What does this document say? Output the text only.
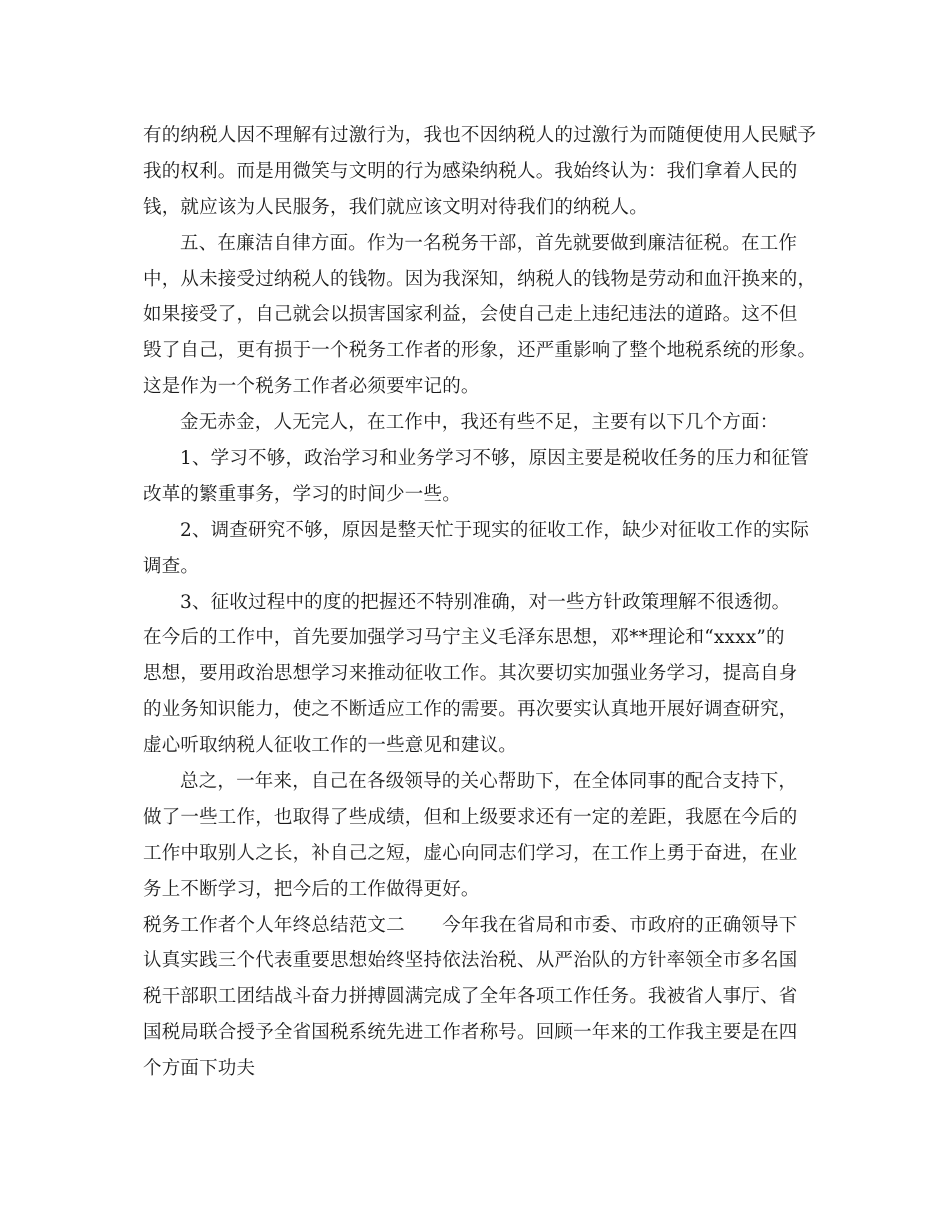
有的纳税人因不理解有过激行为，我也不因纳税人的过激行为而随便使用人民赋予
我的权利。而是用微笑与文明的行为感染纳税人。我始终认为：我们拿着人民的
钱，就应该为人民服务，我们就应该文明对待我们的纳税人。
五、在廉洁自律方面。作为一名税务干部，首先就要做到廉洁征税。在工作
中，从未接受过纳税人的钱物。因为我深知，纳税人的钱物是劳动和血汗换来的，
如果接受了，自己就会以损害国家利益，会使自己走上违纪违法的道路。这不但
毁了自己，更有损于一个税务工作者的形象，还严重影响了整个地税系统的形象。
这是作为一个税务工作者必须要牢记的。
金无赤金，人无完人，在工作中，我还有些不足，主要有以下几个方面：
1、学习不够，政治学习和业务学习不够，原因主要是税收任务的压力和征管
改革的繁重事务，学习的时间少一些。
2、调查研究不够，原因是整天忙于现实的征收工作，缺少对征收工作的实际
调查。
3、征收过程中的度的把握还不特别准确，对一些方针政策理解不很透彻。
在今后的工作中，首先要加强学习马宁主义毛泽东思想，邓**理论和“xxxx”的
思想，要用政治思想学习来推动征收工作。其次要切实加强业务学习，提高自身
的业务知识能力，使之不断适应工作的需要。再次要实认真地开展好调查研究，
虚心听取纳税人征收工作的一些意见和建议。
总之，一年来，自己在各级领导的关心帮助下，在全体同事的配合支持下，
做了一些工作，也取得了些成绩，但和上级要求还有一定的差距，我愿在今后的
工作中取别人之长，补自己之短，虚心向同志们学习，在工作上勇于奋进，在业
务上不断学习，把今后的工作做得更好。
税务工作者个人年终总结范文二　　今年我在省局和市委、市政府的正确领导下
认真实践三个代表重要思想始终坚持依法治税、从严治队的方针率领全市多名国
税干部职工团结战斗奋力拼搏圆满完成了全年各项工作任务。我被省人事厅、省
国税局联合授予全省国税系统先进工作者称号。回顾一年来的工作我主要是在四
个方面下功夫
